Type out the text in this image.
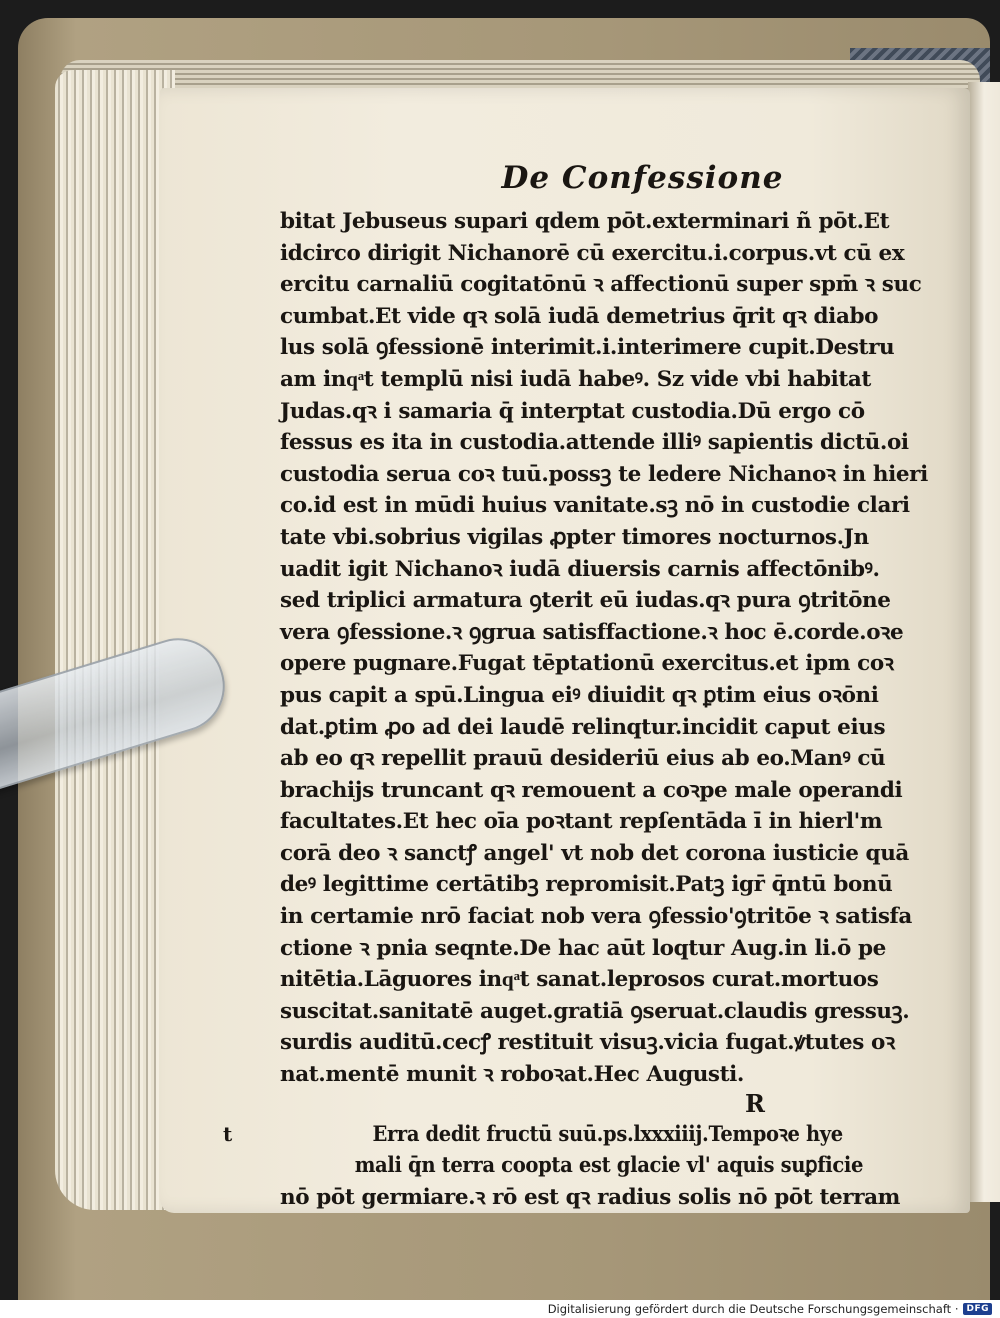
De Confessione
bitat Jebuseus supari qdem pōt.exterminari ñ pōt.Et
idcirco dirigit Nichanorē cū exercitu.i.corpus.vt cū ex
ercitu carnaliū cogitatōnū ꝛ affectionū super spm̄ ꝛ suc
cumbat.Et vide qꝛ solā iudā demetrius q̄rit qꝛ diabo
lus solā ꝯfessionē interimit.i.interimere cupit.Destru
am inqͣt templū nisi iudā habeꝰ. Sz vide vbi habitat
Judas.qꝛ i samaria q̄ interptat custodia.Dū ergo cō
fessus es ita in custodia.attende illiꝰ sapientis dictū.oi
custodia serua coꝛ tuū.possꝫ te ledere Nichanoꝛ in hieri
co.id est in mūdi huius vanitate.sꝫ nō in custodie clari
tate vbi.sobrius vigilas ꝓpter timores nocturnos.Jn
uadit igit Nichanoꝛ iudā diuersis carnis affectōnibꝰ.
sed triplici armatura ꝯterit eū iudas.qꝛ pura ꝯtritōne
vera ꝯfessione.ꝛ ꝯgrua satisffactione.ꝛ hoc ē.corde.oꝛe
opere pugnare.Fugat tēptationū exercitus.et ipm coꝛ
pus capit a spū.Lingua eiꝰ diuidit qꝛ ꝑtim eius oꝛōni
dat.ꝑtim ꝓo ad dei laudē relinqtur.incidit caput eius
ab eo qꝛ repellit prauū desideriū eius ab eo.Manꝰ cū
brachijs truncant qꝛ remouent a coꝛpe male operandi
facultates.Et hec oīa poꝛtant repſentāda ī in hierl'm
corā deo ꝛ sanctꝭ angel' vt nob det corona iusticie quā
deꝰ legittime certātibꝫ repromisit.Patꝫ igr̄ q̄ntū bonū
in certamie nrō faciat nob vera ꝯfessio'ꝯtritōe ꝛ satisfa
ctione ꝛ pnia seqnte.De hac aūt loqtur Aug.in li.ō pe
nitētia.Lāguores inqͣt sanat.leprosos curat.mortuos
suscitat.sanitatē auget.gratiā ꝯseruat.claudis gressuꝫ.
surdis auditū.cecꝭ restituit visuꝫ.vicia fugat.ꝟtutes oꝛ
nat.mentē munit ꝛ roboꝛat.Hec Augusti.
R
t	Erra dedit fructū suū.ps.lxxxiiij.Tempoꝛe hye
mali q̄n terra coopta est glacie vl' aquis suꝑficie
nō pōt germiare.ꝛ rō est qꝛ radius solis nō pōt terram
Digitalisierung gefördert durch die Deutsche Forschungsgemeinschaft · DFG
